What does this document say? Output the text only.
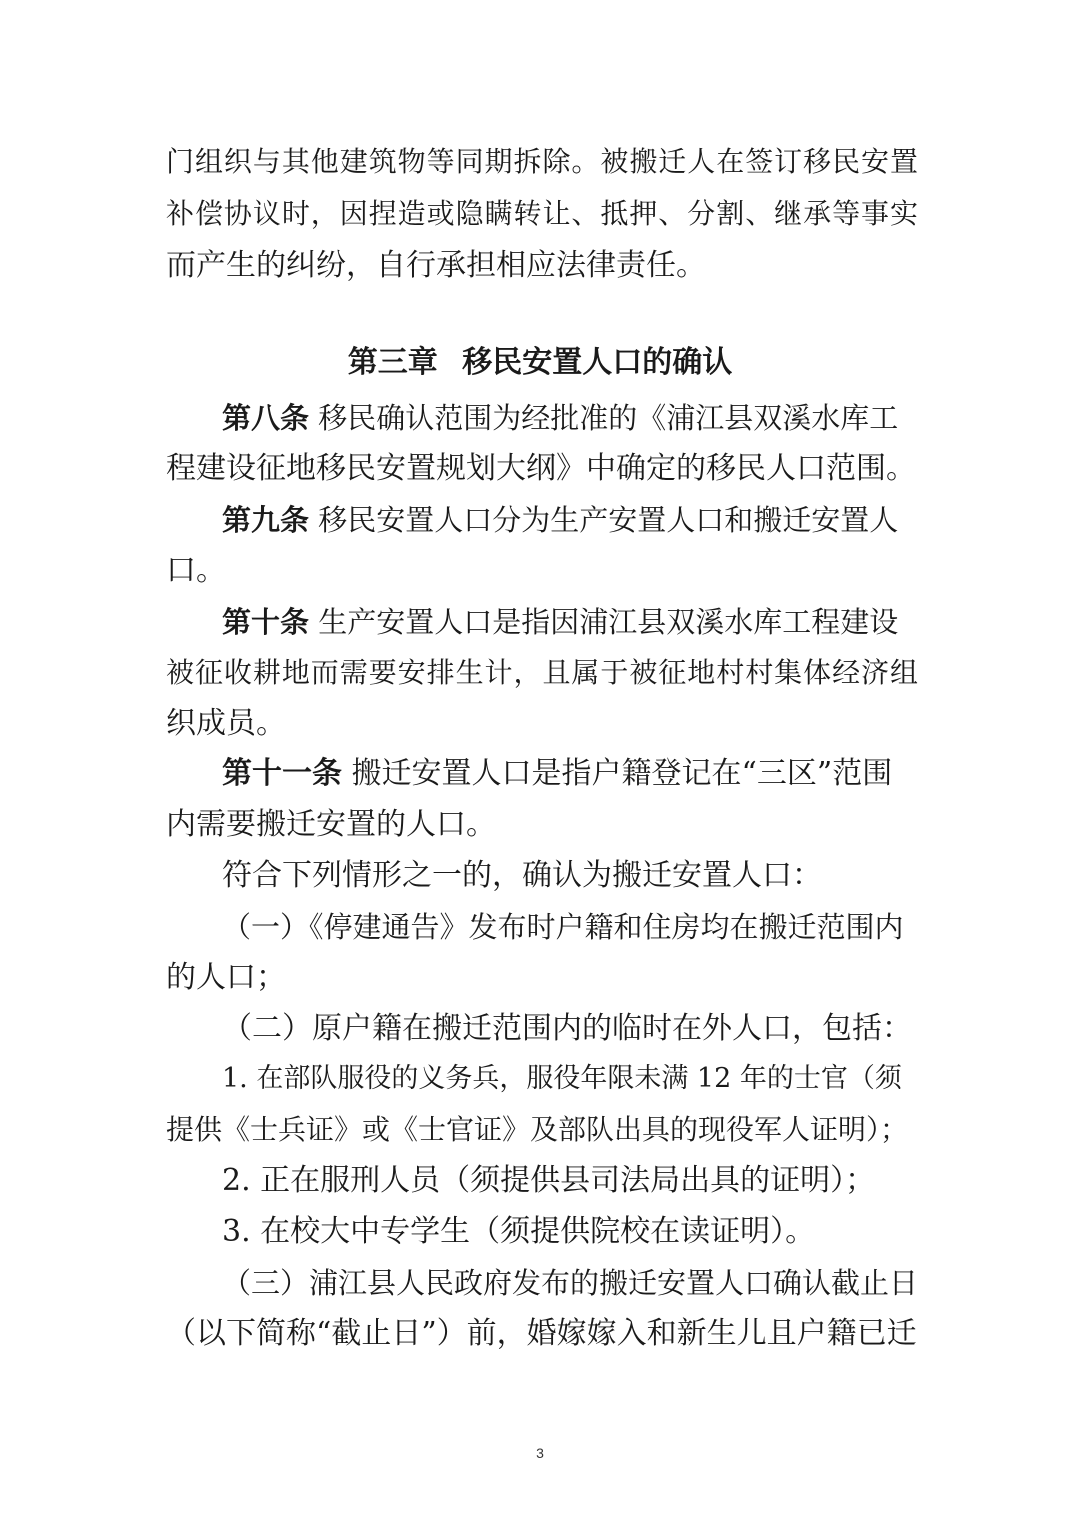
门组织与其他建筑物等同期拆除。被搬迁人在签订移民安置
补偿协议时，因捏造或隐瞒转让、抵押、分割、继承等事实
而产生的纠纷，自行承担相应法律责任。
第三章 移民安置人口的确认
第八条 移民确认范围为经批准的《浦江县双溪水库工
程建设征地移民安置规划大纲》中确定的移民人口范围。
第九条 移民安置人口分为生产安置人口和搬迁安置人
口。
第十条 生产安置人口是指因浦江县双溪水库工程建设
被征收耕地而需要安排生计，且属于被征地村村集体经济组
织成员。
第十一条 搬迁安置人口是指户籍登记在“三区”范围
内需要搬迁安置的人口。
符合下列情形之一的，确认为搬迁安置人口：
（一）《停建通告》发布时户籍和住房均在搬迁范围内
的人口；
（二）原户籍在搬迁范围内的临时在外人口，包括：
1. 在部队服役的义务兵，服役年限未满 12 年的士官（须
提供《士兵证》或《士官证》及部队出具的现役军人证明）；
2. 正在服刑人员（须提供县司法局出具的证明）；
3. 在校大中专学生（须提供院校在读证明）。
（三）浦江县人民政府发布的搬迁安置人口确认截止日
（以下简称“截止日”）前，婚嫁嫁入和新生儿且户籍已迁
3
